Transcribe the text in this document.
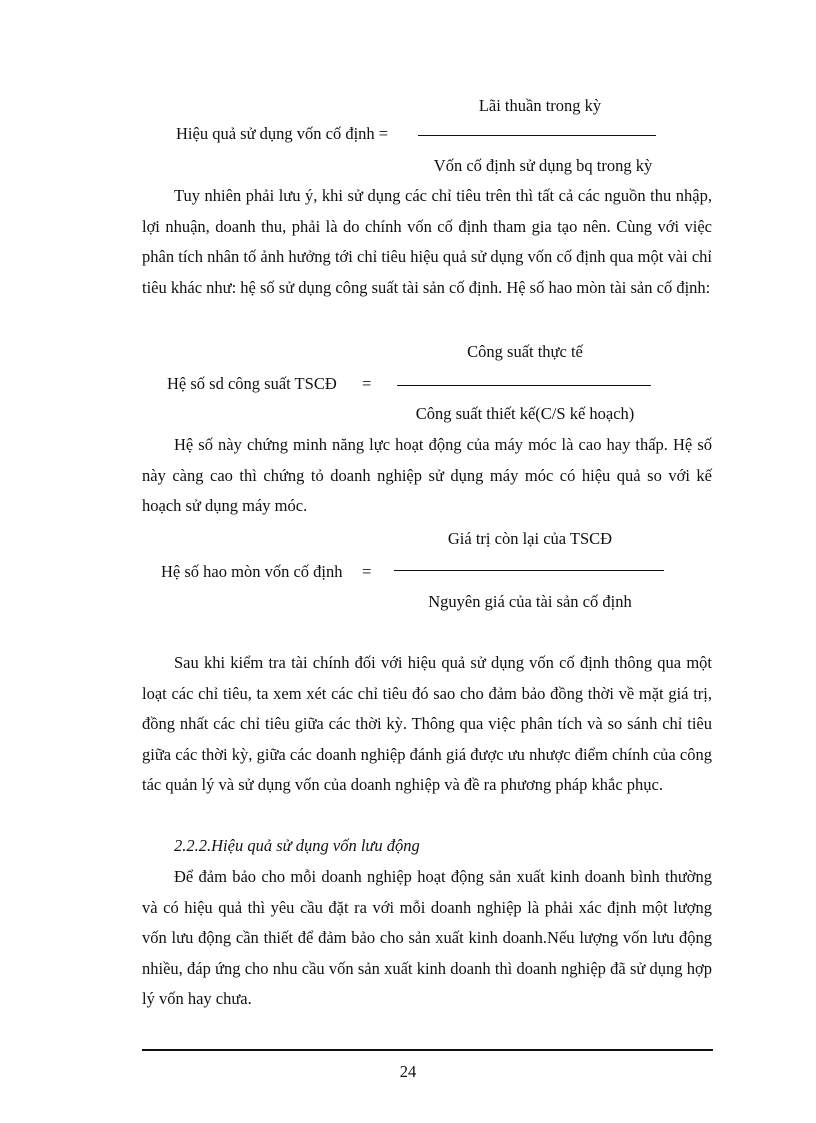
Lãi thuần trong kỳ
Hiệu quả sử dụng vốn cố định =
Vốn cố định sử dụng bq trong kỳ

Tuy nhiên phải lưu ý, khi sử dụng các chỉ tiêu trên thì tất cả các nguồn thu nhập, lợi nhuận, doanh thu, phải là do chính vốn cố định tham gia tạo nên. Cùng với việc phân tích nhân tố ảnh hưởng tới chỉ tiêu hiệu quả sử dụng vốn cố định qua một vài chỉ tiêu khác như: hệ số sử dụng công suất tài sản cố định. Hệ số hao mòn tài sản cố định:

Công suất thực tế
Hệ số sd công suất TSCĐ =
Công suất thiết kế(C/S kế hoạch)

Hệ số này chứng minh năng lực hoạt động của máy móc là cao hay thấp. Hệ số này càng cao thì chứng tỏ doanh nghiệp sử dụng máy móc có hiệu quả so với kế hoạch sử dụng máy móc.

Giá trị còn lại của TSCĐ
Hệ số hao mòn vốn cố định =
Nguyên giá của tài sản cố định

Sau khi kiểm tra tài chính đối với hiệu quả sử dụng vốn cố định thông qua một loạt các chỉ tiêu, ta xem xét các chỉ tiêu đó sao cho đảm bảo đồng thời về mặt giá trị, đồng nhất các chỉ tiêu giữa các thời kỳ. Thông qua việc phân tích và so sánh chỉ tiêu giữa các thời kỳ, giữa các doanh nghiệp đánh giá được ưu nhược điểm chính của công tác quản lý và sử dụng vốn của doanh nghiệp và đề ra phương pháp khắc phục.

2.2.2.Hiệu quả sử dụng vốn lưu động

Để đảm bảo cho mỗi doanh nghiệp hoạt động sản xuất kinh doanh bình thường và có hiệu quả thì yêu cầu đặt ra với mỗi doanh nghiệp là phải xác định một lượng vốn lưu động cần thiết để đảm bảo cho sản xuất kinh doanh.Nếu lượng vốn lưu động nhiều, đáp ứng cho nhu cầu vốn sản xuất kinh doanh thì doanh nghiệp đã sử dụng hợp lý vốn hay chưa.

24
